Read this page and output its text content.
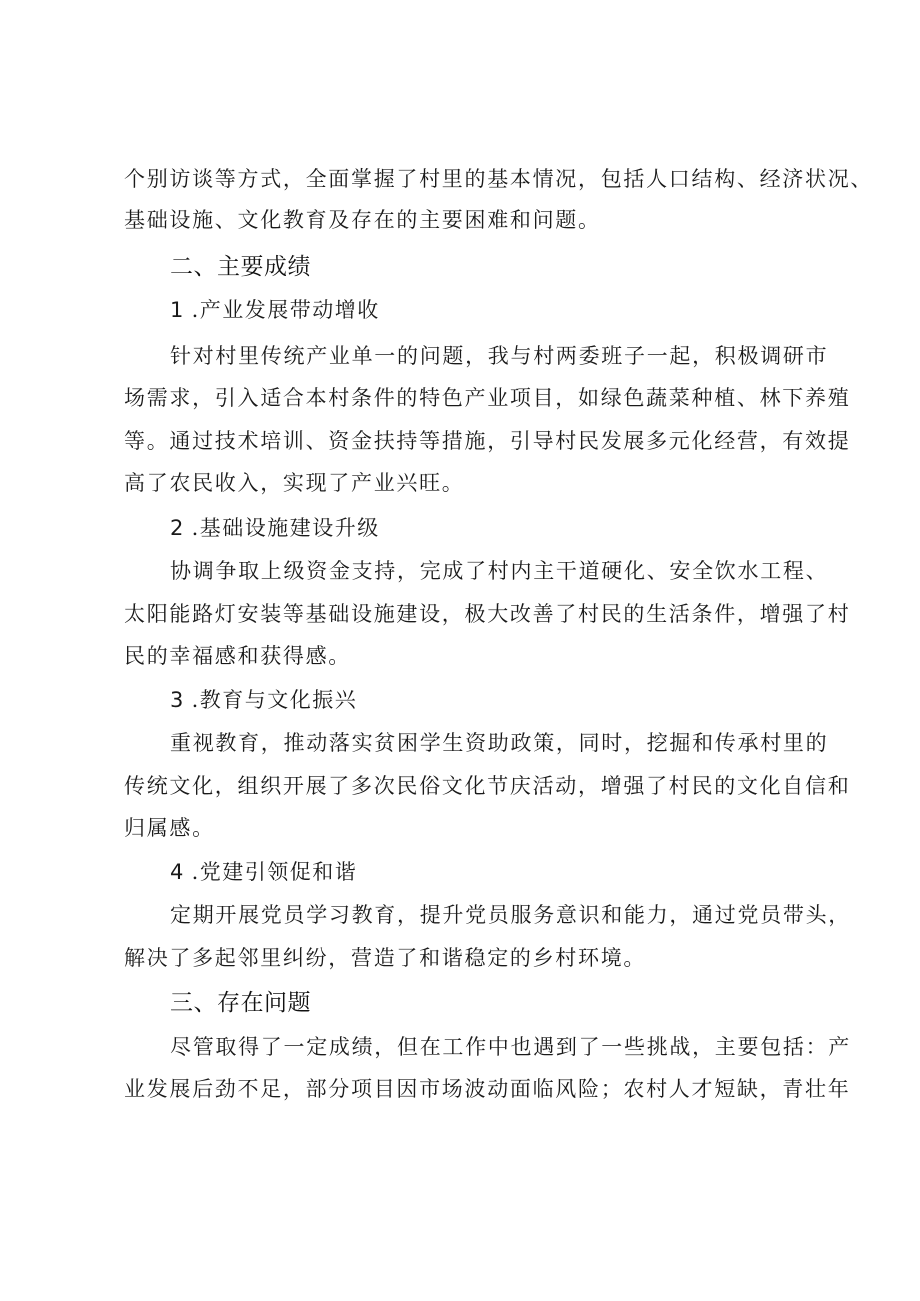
个别访谈等方式，全面掌握了村里的基本情况，包括人口结构、经济状况、
基础设施、文化教育及存在的主要困难和问题。
二、主要成绩
1 .产业发展带动增收
针对村里传统产业单一的问题，我与村两委班子一起，积极调研市
场需求，引入适合本村条件的特色产业项目，如绿色蔬菜种植、林下养殖
等。通过技术培训、资金扶持等措施，引导村民发展多元化经营，有效提
高了农民收入，实现了产业兴旺。
2 .基础设施建设升级
协调争取上级资金支持，完成了村内主干道硬化、安全饮水工程、
太阳能路灯安装等基础设施建设，极大改善了村民的生活条件，增强了村
民的幸福感和获得感。
3 .教育与文化振兴
重视教育，推动落实贫困学生资助政策，同时，挖掘和传承村里的
传统文化，组织开展了多次民俗文化节庆活动，增强了村民的文化自信和
归属感。
4 .党建引领促和谐
定期开展党员学习教育，提升党员服务意识和能力，通过党员带头，
解决了多起邻里纠纷，营造了和谐稳定的乡村环境。
三、存在问题
尽管取得了一定成绩，但在工作中也遇到了一些挑战，主要包括：产
业发展后劲不足，部分项目因市场波动面临风险；农村人才短缺，青壮年
